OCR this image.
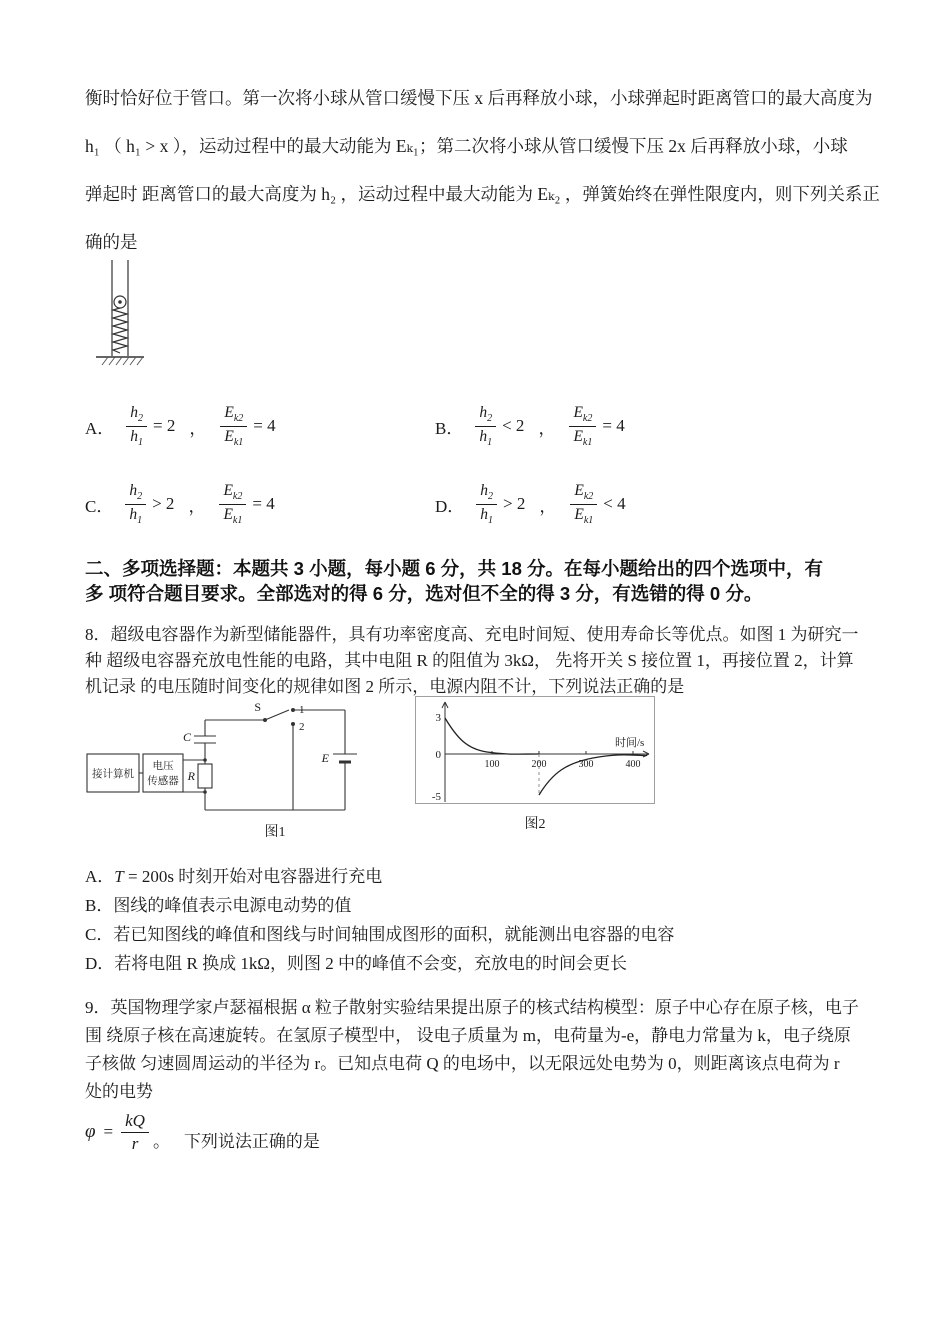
衡时恰好位于管口。第一次将小球从管口缓慢下压 x 后再释放小球，小球弹起时距离管口的最大高度为
h₁ （ h₁ > x ），运动过程中的最大动能为 Eₖ₁；第二次将小球从管口缓慢下压 2x 后再释放小球，小球
弹起时 距离管口的最大高度为 h₂ ，运动过程中最大动能为 Eₖ₂ ，弹簧始终在弹性限度内，则下列关系正
确的是
A． $\frac{h_2}{h_1} = 2$ ， $\frac{E_{k2}}{E_{k1}} = 4$	B． $\frac{h_2}{h_1} < 2$ ， $\frac{E_{k2}}{E_{k1}} = 4$
C． $\frac{h_2}{h_1} > 2$ ， $\frac{E_{k2}}{E_{k1}} = 4$	D． $\frac{h_2}{h_1} > 2$ ， $\frac{E_{k2}}{E_{k1}} < 4$
二、多项选择题：本题共 3 小题，每小题 6 分，共 18 分。在每小题给出的四个选项中，有
多 项符合题目要求。全部选对的得 6 分，选对但不全的得 3 分，有选错的得 0 分。
8．超级电容器作为新型储能器件，具有功率密度高、充电时间短、使用寿命长等优点。如图 1 为研究一
种 超级电容器充放电性能的电路，其中电阻 R 的阻值为 3kΩ， 先将开关 S 接位置 1，再接位置 2，计算
机记录 的电压随时间变化的规律如图 2 所示，电源内阻不计，下列说法正确的是
接计算机
电压
传感器
C
R
S	1
2
E
图1
3
0
-5
100	200	300	400
时间/s
图2
A．T = 200s 时刻开始对电容器进行充电
B．图线的峰值表示电源电动势的值
C．若已知图线的峰值和图线与时间轴围成图形的面积，就能测出电容器的电容
D．若将电阻 R 换成 1kΩ，则图 2 中的峰值不会变，充放电的时间会更长
9．英国物理学家卢瑟福根据 α 粒子散射实验结果提出原子的核式结构模型：原子中心存在原子核，电子
围 绕原子核在高速旋转。在氢原子模型中， 设电子质量为 m，电荷量为-e，静电力常量为 k，电子绕原
子核做 匀速圆周运动的半径为 r。已知点电荷 Q 的电场中，以无限远处电势为 0，则距离该点电荷为 r
处的电势
$\varphi = \frac{kQ}{r}$ 。 下列说法正确的是
